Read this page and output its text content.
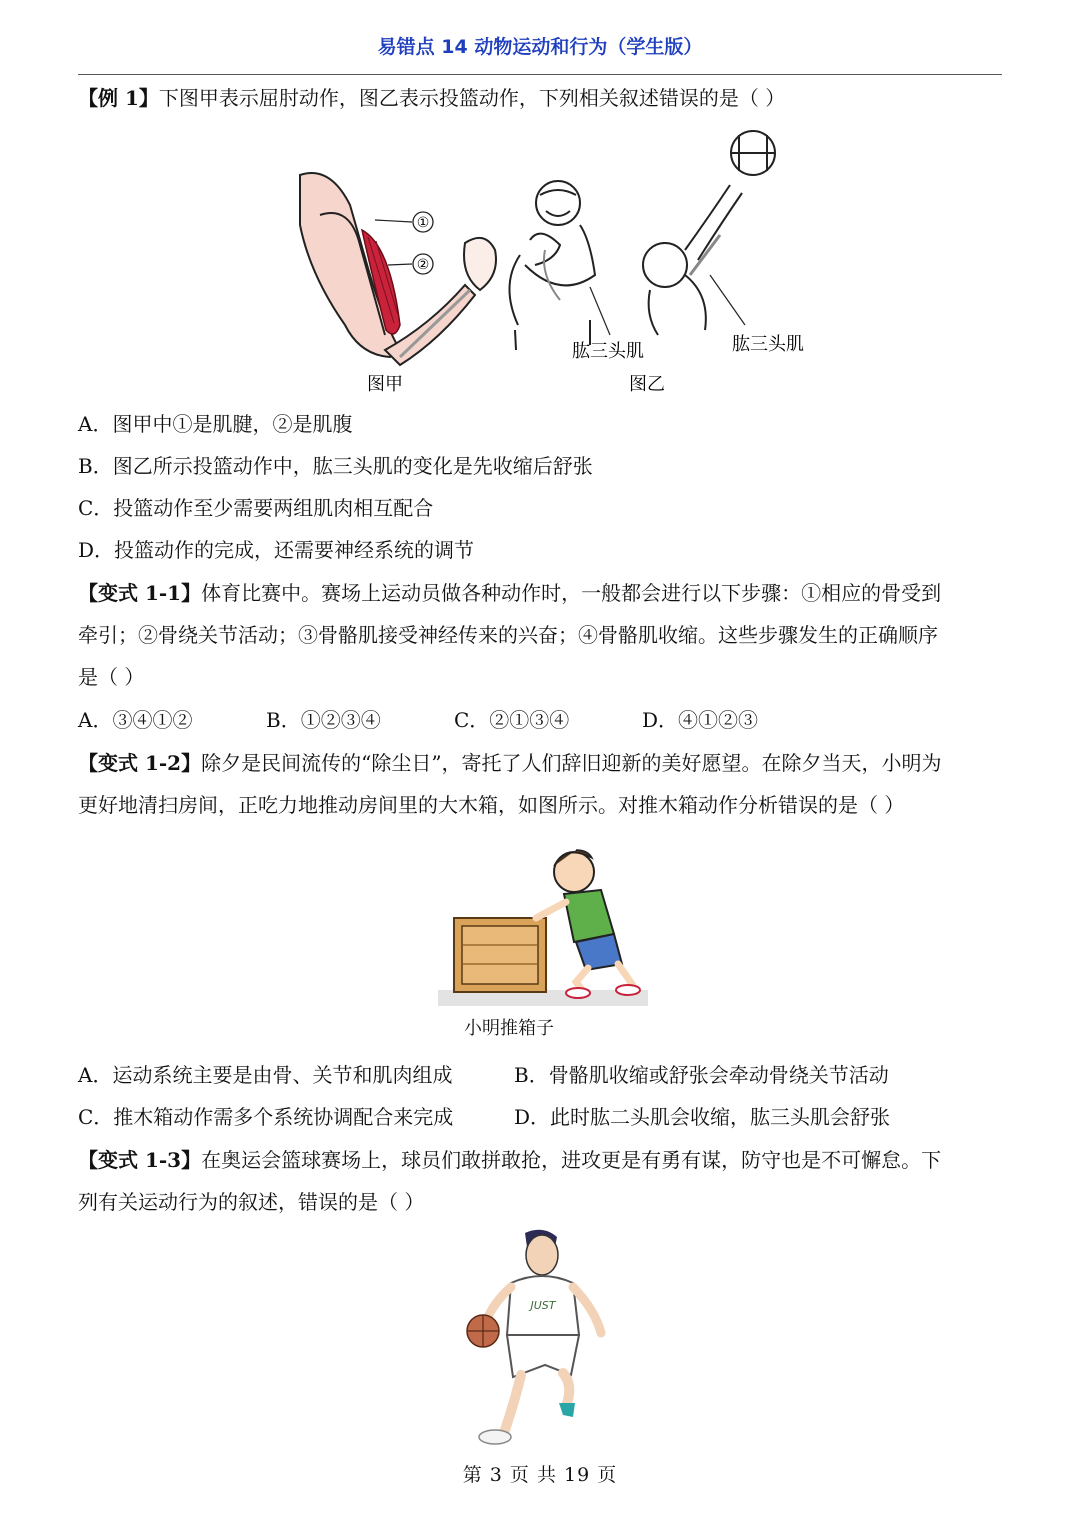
易错点 14 动物运动和行为（学生版）
【例 1】下图甲表示屈肘动作，图乙表示投篮动作，下列相关叙述错误的是（ ）
①
②
图甲
肱三头肌	肱三头肌
图乙
A．图甲中①是肌腱，②是肌腹
B．图乙所示投篮动作中，肱三头肌的变化是先收缩后舒张
C．投篮动作至少需要两组肌肉相互配合
D．投篮动作的完成，还需要神经系统的调节
【变式 1-1】体育比赛中。赛场上运动员做各种动作时，一般都会进行以下步骤：①相应的骨受到
牵引；②骨绕关节活动；③骨骼肌接受神经传来的兴奋；④骨骼肌收缩。这些步骤发生的正确顺序
是（ ）
A．③④①②	B．①②③④	C．②①③④	D．④①②③
【变式 1-2】除夕是民间流传的“除尘日”，寄托了人们辞旧迎新的美好愿望。在除夕当天，小明为
更好地清扫房间，正吃力地推动房间里的大木箱，如图所示。对推木箱动作分析错误的是（ ）
小明推箱子
A．运动系统主要是由骨、关节和肌肉组成	B．骨骼肌收缩或舒张会牵动骨绕关节活动
C．推木箱动作需多个系统协调配合来完成	D．此时肱二头肌会收缩，肱三头肌会舒张
【变式 1-3】在奥运会篮球赛场上，球员们敢拼敢抢，进攻更是有勇有谋，防守也是不可懈怠。下
列有关运动行为的叙述，错误的是（ ）
JUST
第 3 页 共 19 页
